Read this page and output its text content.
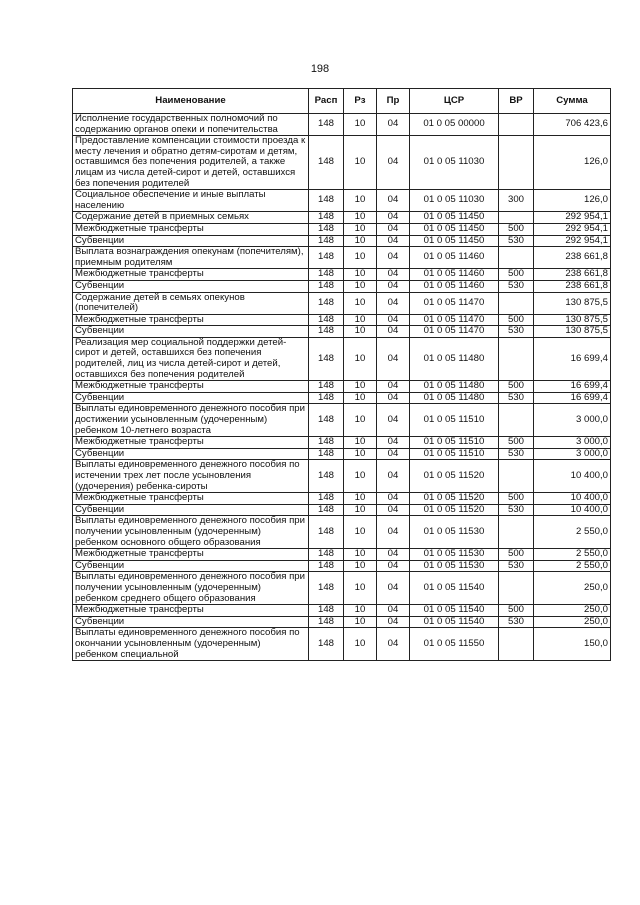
198
Наименование	Расп	Рз	Пр	ЦСР	ВР	Сумма
Исполнение государственных полномочий по содержанию органов опеки и попечительства	148	10	04	01 0 05 00000		706 423,6
Предоставление компенсации стоимости проезда к месту лечения и обратно детям-сиротам и детям, оставшимся без попечения родителей, а также лицам из числа детей-сирот и детей, оставшихся без попечения родителей	148	10	04	01 0 05 11030		126,0
Социальное обеспечение и иные выплаты населению	148	10	04	01 0 05 11030	300	126,0
Содержание детей в приемных семьях	148	10	04	01 0 05 11450		292 954,1
Межбюджетные трансферты	148	10	04	01 0 05 11450	500	292 954,1
Субвенции	148	10	04	01 0 05 11450	530	292 954,1
Выплата вознаграждения опекунам (попечителям), приемным родителям	148	10	04	01 0 05 11460		238 661,8
Межбюджетные трансферты	148	10	04	01 0 05 11460	500	238 661,8
Субвенции	148	10	04	01 0 05 11460	530	238 661,8
Содержание детей в семьях опекунов (попечителей)	148	10	04	01 0 05 11470		130 875,5
Межбюджетные трансферты	148	10	04	01 0 05 11470	500	130 875,5
Субвенции	148	10	04	01 0 05 11470	530	130 875,5
Реализация мер социальной поддержки детей-сирот и детей, оставшихся без попечения родителей, лиц из числа детей-сирот и детей, оставшихся без попечения родителей	148	10	04	01 0 05 11480		16 699,4
Межбюджетные трансферты	148	10	04	01 0 05 11480	500	16 699,4
Субвенции	148	10	04	01 0 05 11480	530	16 699,4
Выплаты единовременного денежного пособия при достижении усыновленным (удочеренным) ребенком 10-летнего возраста	148	10	04	01 0 05 11510		3 000,0
Межбюджетные трансферты	148	10	04	01 0 05 11510	500	3 000,0
Субвенции	148	10	04	01 0 05 11510	530	3 000,0
Выплаты единовременного денежного пособия по истечении трех лет после усыновления (удочерения) ребенка-сироты	148	10	04	01 0 05 11520		10 400,0
Межбюджетные трансферты	148	10	04	01 0 05 11520	500	10 400,0
Субвенции	148	10	04	01 0 05 11520	530	10 400,0
Выплаты единовременного денежного пособия при получении усыновленным (удочеренным) ребенком основного общего образования	148	10	04	01 0 05 11530		2 550,0
Межбюджетные трансферты	148	10	04	01 0 05 11530	500	2 550,0
Субвенции	148	10	04	01 0 05 11530	530	2 550,0
Выплаты единовременного денежного пособия при получении усыновленным (удочеренным) ребенком среднего общего образования	148	10	04	01 0 05 11540		250,0
Межбюджетные трансферты	148	10	04	01 0 05 11540	500	250,0
Субвенции	148	10	04	01 0 05 11540	530	250,0
Выплаты единовременного денежного пособия по окончании усыновленным (удочеренным) ребенком специальной	148	10	04	01 0 05 11550		150,0
